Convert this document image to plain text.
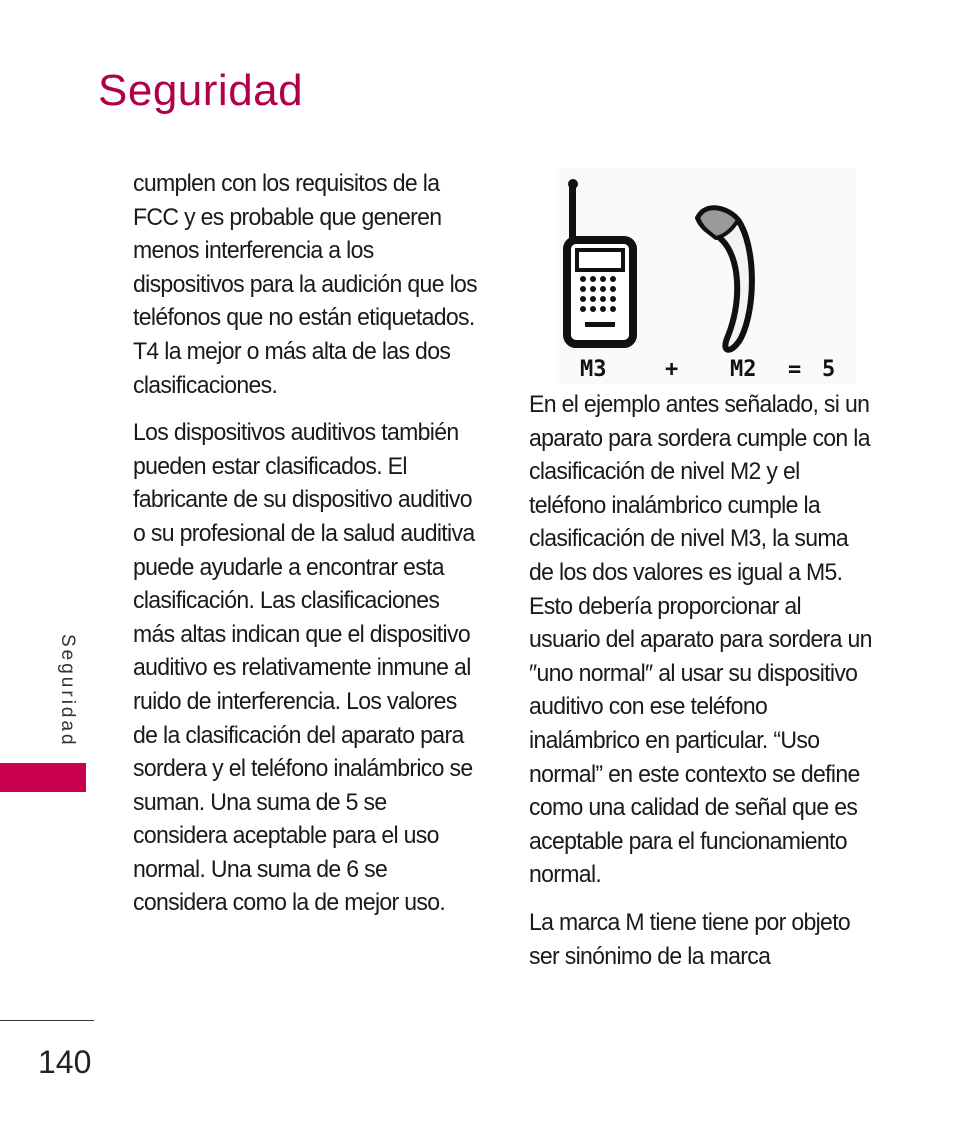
Seguridad

cumplen con los requisitos de la FCC y es probable que generen menos interferencia a los dispositivos para la audición que los teléfonos que no están etiquetados. T4 la mejor o más alta de las dos clasificaciones.

Los dispositivos auditivos también pueden estar clasificados. El fabricante de su dispositivo auditivo o su profesional de la salud auditiva puede ayudarle a encontrar esta clasificación. Las clasificaciones más altas indican que el dispositivo auditivo es relativamente inmune al ruido de interferencia. Los valores de la clasificación del aparato para sordera y el teléfono inalámbrico se suman. Una suma de 5 se considera aceptable para el uso normal. Una suma de 6 se considera como la de mejor uso.

M3	+ M2 = 5

En el ejemplo antes señalado, si un aparato para sordera cumple con la clasificación de nivel M2 y el teléfono inalámbrico cumple la clasificación de nivel M3, la suma de los dos valores es igual a M5. Esto debería proporcionar al usuario del aparato para sordera un ″uno normal″ al usar su dispositivo auditivo con ese teléfono inalámbrico en particular. “Uso normal” en este contexto se define como una calidad de señal que es aceptable para el funcionamiento normal.

La marca M tiene tiene por objeto ser sinónimo de la marca

Seguridad
140
